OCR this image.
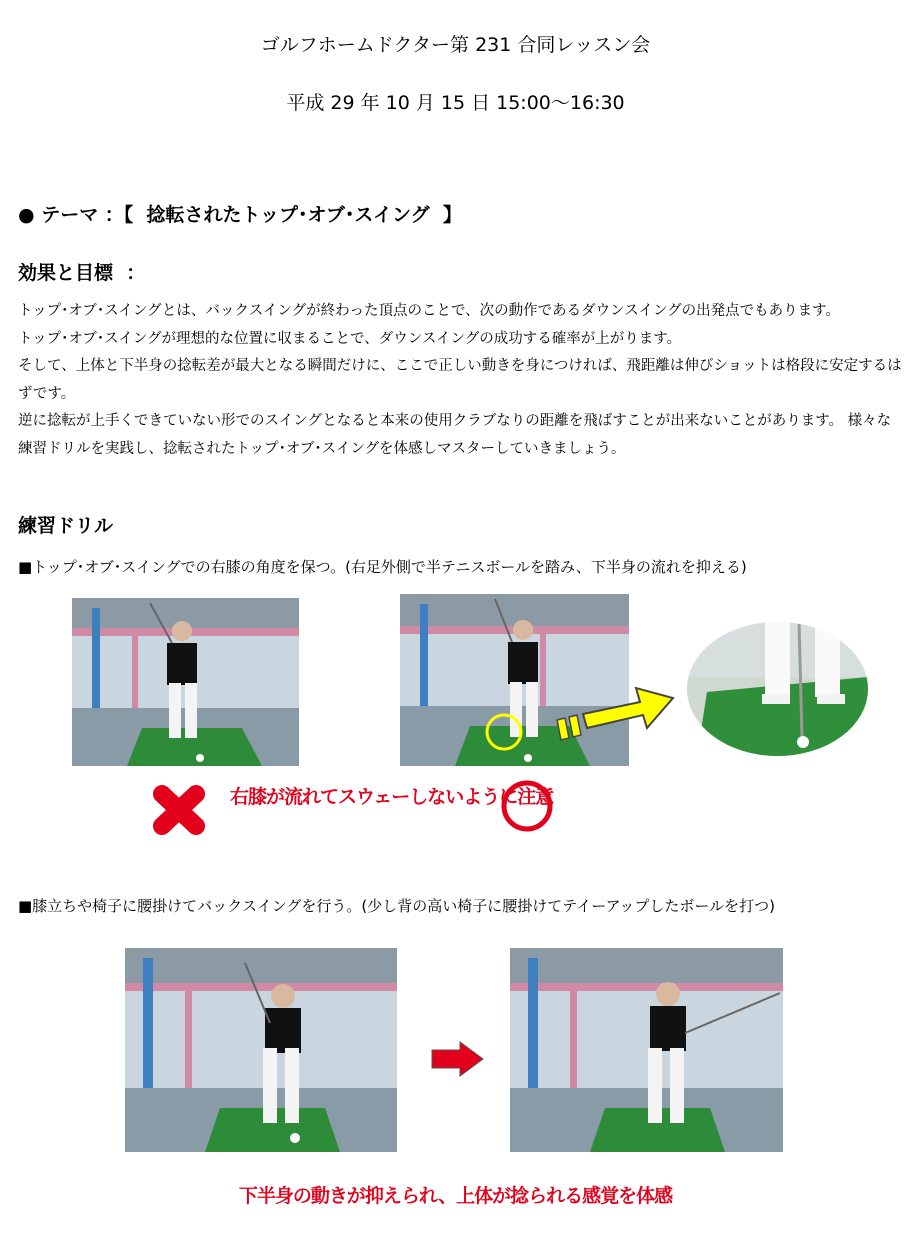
ゴルフホームドクター第 231 合同レッスン会
平成 29 年 10 月 15 日 15:00〜16:30
● テーマ ：【  捻転されたトップ･オブ･スイング  】
効果と目標  ：

トップ･オブ･スイングとは、バックスイングが終わった頂点のことで、次の動作であるダウンスイングの出発点でもあります。

トップ･オブ･スイングが理想的な位置に収まることで、ダウンスイングの成功する確率が上がります。

そして、上体と下半身の捻転差が最大となる瞬間だけに、ここで正しい動きを身につければ、飛距離は伸びショットは格段に安定するはずです。

逆に捻転が上手くできていない形でのスイングとなると本来の使用クラブなりの距離を飛ばすことが出来ないことがあります。 様々な練習ドリルを実践し、捻転されたトップ･オブ･スイングを体感しマスターしていきましょう。

練習ドリル
■トップ･オブ･スイングでの右膝の角度を保つ。(右足外側で半テニスボールを踏み、下半身の流れを抑える)
右膝が流れてスウェーしないように注意
■膝立ちや椅子に腰掛けてバックスイングを行う。(少し背の高い椅子に腰掛けてテイーアップしたボールを打つ)
下半身の動きが抑えられ、上体が捻られる感覚を体感
